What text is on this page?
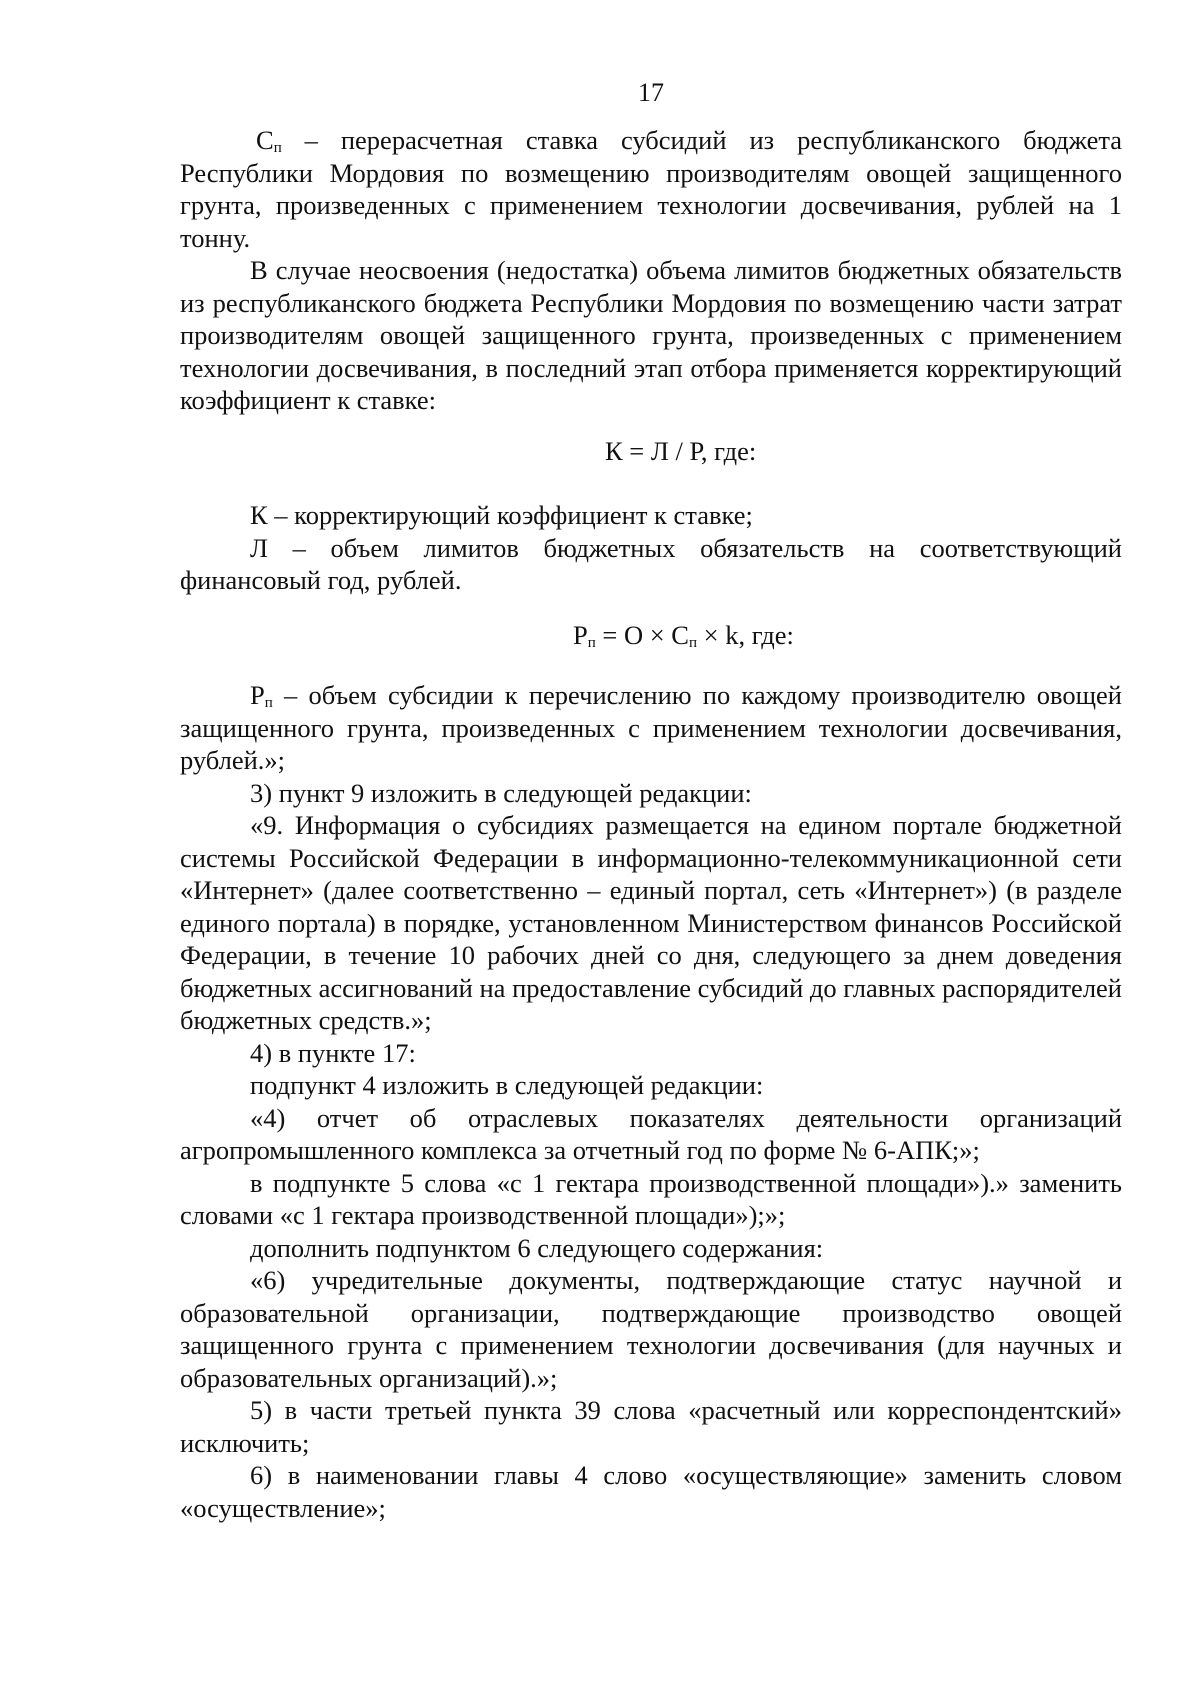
17

$С_п$ – перерасчетная ставка субсидий из республиканского бюджета Республики Мордовия по возмещению производителям овощей защищенного грунта, произведенных с применением технологии досвечивания, рублей на 1 тонну.

В случае неосвоения (недостатка) объема лимитов бюджетных обязательств из республиканского бюджета Республики Мордовия по возмещению части затрат производителям овощей защищенного грунта, произведенных с применением технологии досвечивания, в последний этап отбора применяется корректирующий коэффициент к ставке:

К = Л / Р, где:

К – корректирующий коэффициент к ставке;

Л – объем лимитов бюджетных обязательств на соответствующий финансовый год, рублей.

$Р_п = О \times С_п \times k$, где:

$Р_п$ – объем субсидии к перечислению по каждому производителю овощей защищенного грунта, произведенных с применением технологии досвечивания, рублей.»;

3) пункт 9 изложить в следующей редакции:

«9. Информация о субсидиях размещается на едином портале бюджетной системы Российской Федерации в информационно-телекоммуникационной сети «Интернет» (далее соответственно – единый портал, сеть «Интернет») (в разделе единого портала) в порядке, установленном Министерством финансов Российской Федерации, в течение 10 рабочих дней со дня, следующего за днем доведения бюджетных ассигнований на предоставление субсидий до главных распорядителей бюджетных средств.»;

4) в пункте 17:

подпункт 4 изложить в следующей редакции:

«4) отчет об отраслевых показателях деятельности организаций агропромышленного комплекса за отчетный год по форме № 6-АПК;»;

в подпункте 5 слова «с 1 гектара производственной площади»).» заменить словами «с 1 гектара производственной площади»);»;

дополнить подпунктом 6 следующего содержания:

«6) учредительные документы, подтверждающие статус научной и образовательной организации, подтверждающие производство овощей защищенного грунта с применением технологии досвечивания (для научных и образовательных организаций).»;

5) в части третьей пункта 39 слова «расчетный или корреспондентский» исключить;

6) в наименовании главы 4 слово «осуществляющие» заменить словом «осуществление»;
